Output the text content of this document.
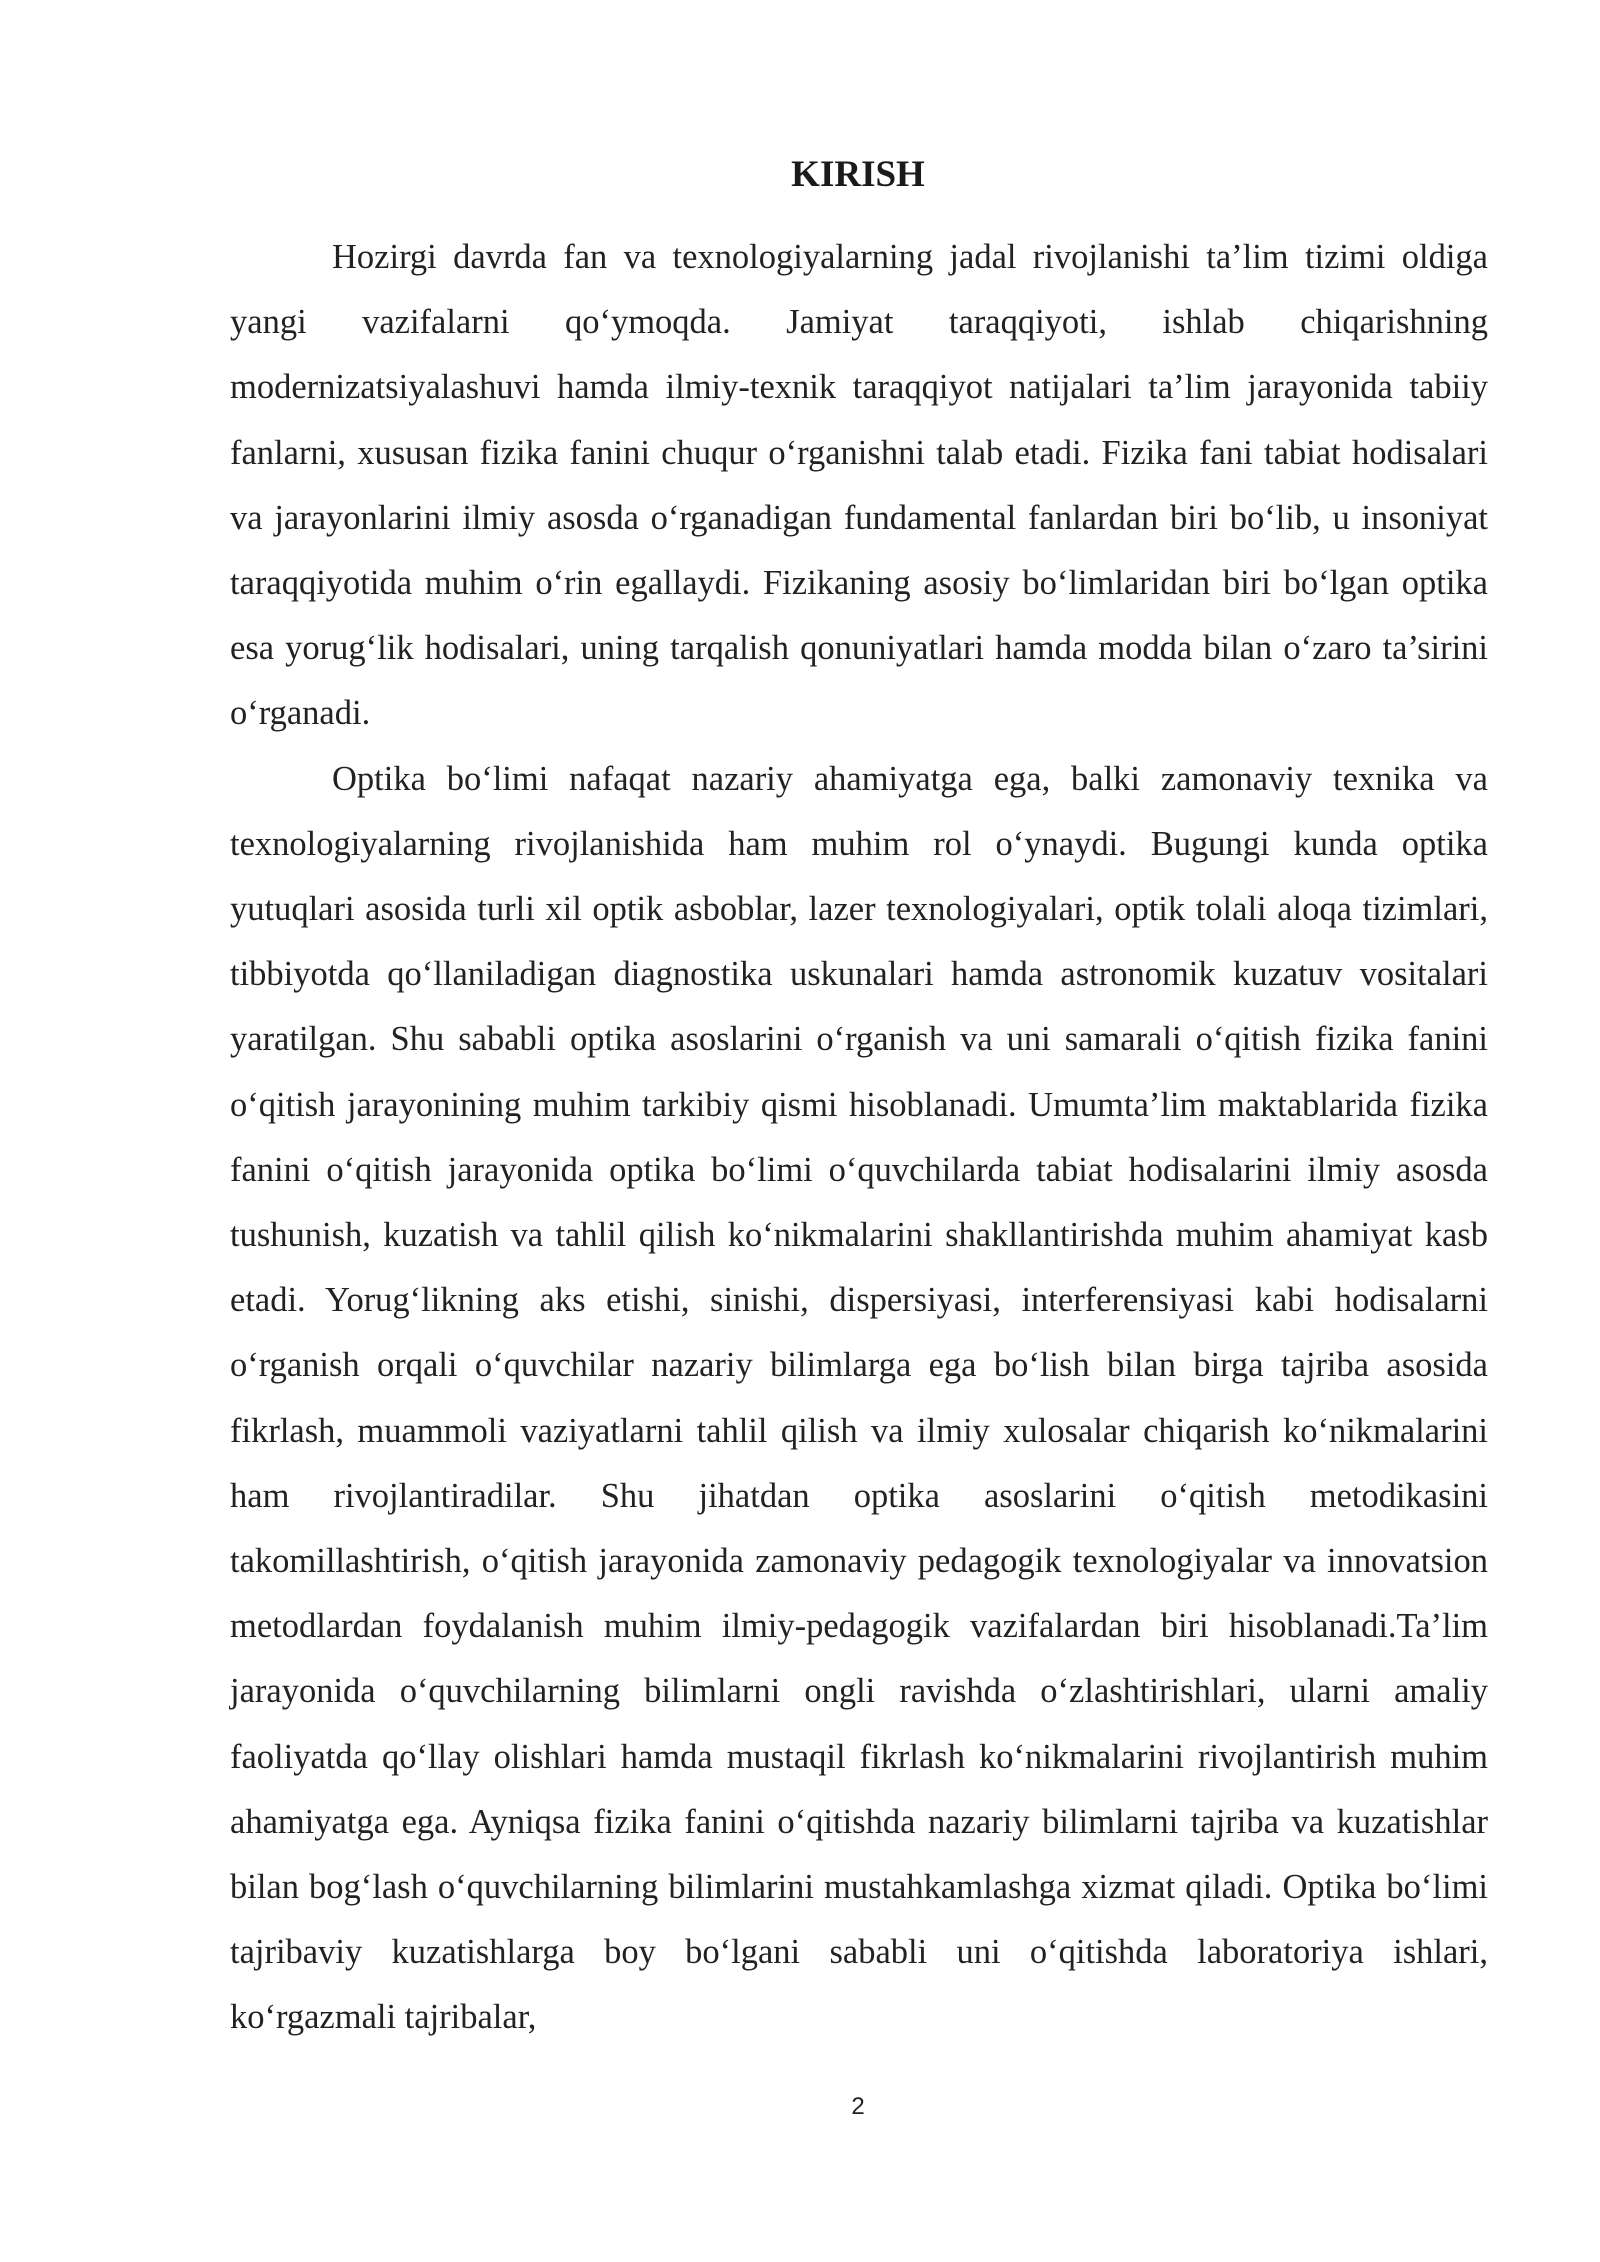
KIRISH

Hozirgi davrda fan va texnologiyalarning jadal rivojlanishi ta’lim tizimi oldiga yangi vazifalarni qo‘ymoqda. Jamiyat taraqqiyoti, ishlab chiqarishning modernizatsiyalashuvi hamda ilmiy-texnik taraqqiyot natijalari ta’lim jarayonida tabiiy fanlarni, xususan fizika fanini chuqur o‘rganishni talab etadi. Fizika fani tabiat hodisalari va jarayonlarini ilmiy asosda o‘rganadigan fundamental fanlardan biri bo‘lib, u insoniyat taraqqiyotida muhim o‘rin egallaydi. Fizikaning asosiy bo‘limlaridan biri bo‘lgan optika esa yorug‘lik hodisalari, uning tarqalish qonuniyatlari hamda modda bilan o‘zaro ta’sirini o‘rganadi.

Optika bo‘limi nafaqat nazariy ahamiyatga ega, balki zamonaviy texnika va texnologiyalarning rivojlanishida ham muhim rol o‘ynaydi. Bugungi kunda optika yutuqlari asosida turli xil optik asboblar, lazer texnologiyalari, optik tolali aloqa tizimlari, tibbiyotda qo‘llaniladigan diagnostika uskunalari hamda astronomik kuzatuv vositalari yaratilgan. Shu sababli optika asoslarini o‘rganish va uni samarali o‘qitish fizika fanini o‘qitish jarayonining muhim tarkibiy qismi hisoblanadi. Umumta’lim maktablarida fizika fanini o‘qitish jarayonida optika bo‘limi o‘quvchilarda tabiat hodisalarini ilmiy asosda tushunish, kuzatish va tahlil qilish ko‘nikmalarini shakllantirishda muhim ahamiyat kasb etadi. Yorug‘likning aks etishi, sinishi, dispersiyasi, interferensiyasi kabi hodisalarni o‘rganish orqali o‘quvchilar nazariy bilimlarga ega bo‘lish bilan birga tajriba asosida fikrlash, muammoli vaziyatlarni tahlil qilish va ilmiy xulosalar chiqarish ko‘nikmalarini ham rivojlantiradilar. Shu jihatdan optika asoslarini o‘qitish metodikasini takomillashtirish, o‘qitish jarayonida zamonaviy pedagogik texnologiyalar va innovatsion metodlardan foydalanish muhim ilmiy-pedagogik vazifalardan biri hisoblanadi.Ta’lim jarayonida o‘quvchilarning bilimlarni ongli ravishda o‘zlashtirishlari, ularni amaliy faoliyatda qo‘llay olishlari hamda mustaqil fikrlash ko‘nikmalarini rivojlantirish muhim ahamiyatga ega. Ayniqsa fizika fanini o‘qitishda nazariy bilimlarni tajriba va kuzatishlar bilan bog‘lash o‘quvchilarning bilimlarini mustahkamlashga xizmat qiladi. Optika bo‘limi tajribaviy kuzatishlarga boy bo‘lgani sababli uni o‘qitishda laboratoriya ishlari, ko‘rgazmali tajribalar,

2
